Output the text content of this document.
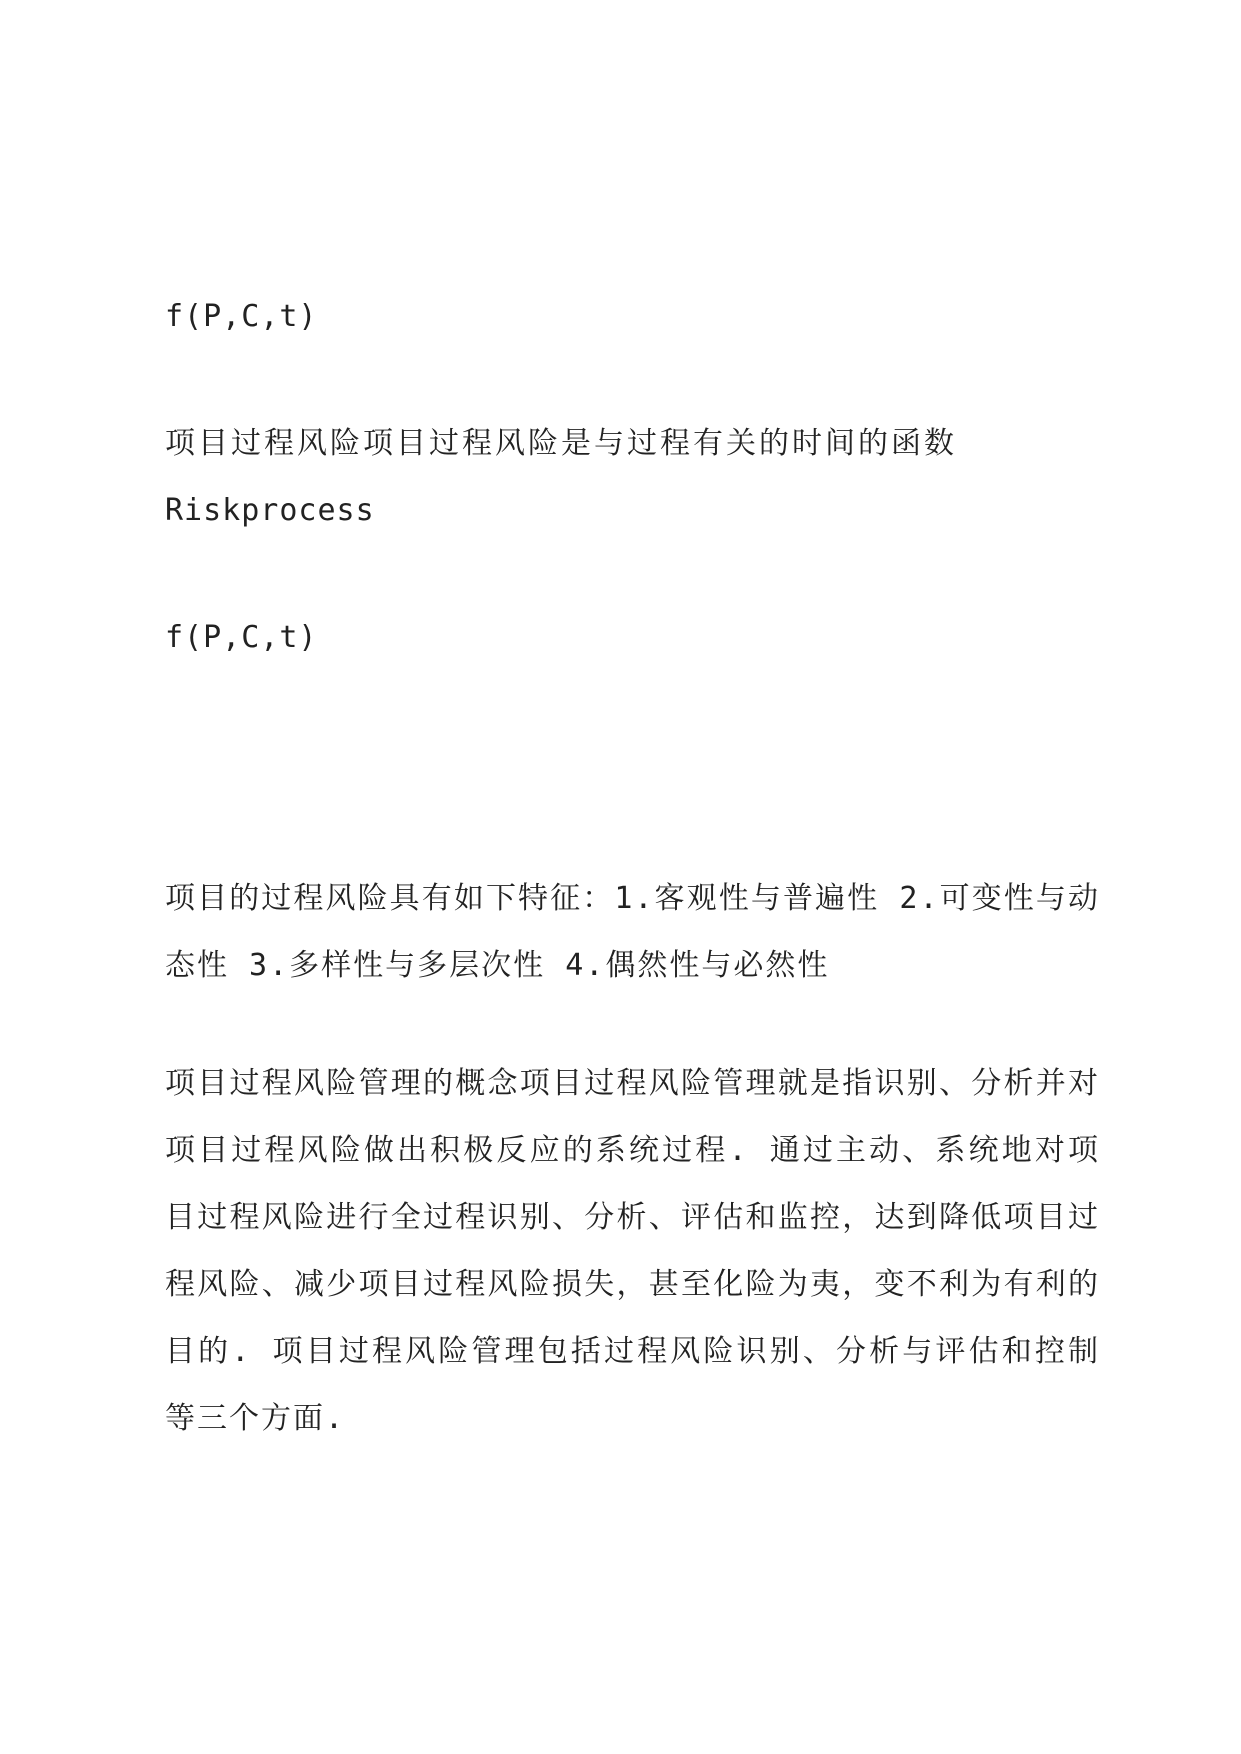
f(P,C,t)

项目过程风险项目过程风险是与过程有关的时间的函数

Riskprocess

f(P,C,t)

项目的过程风险具有如下特征：1.客观性与普遍性 2.可变性与动态性 3.多样性与多层次性 4.偶然性与必然性

项目过程风险管理的概念项目过程风险管理就是指识别、分析并对项目过程风险做出积极反应的系统过程. 通过主动、系统地对项目过程风险进行全过程识别、分析、评估和监控，达到降低项目过程风险、减少项目过程风险损失，甚至化险为夷，变不利为有利的目的. 项目过程风险管理包括过程风险识别、分析与评估和控制等三个方面.
